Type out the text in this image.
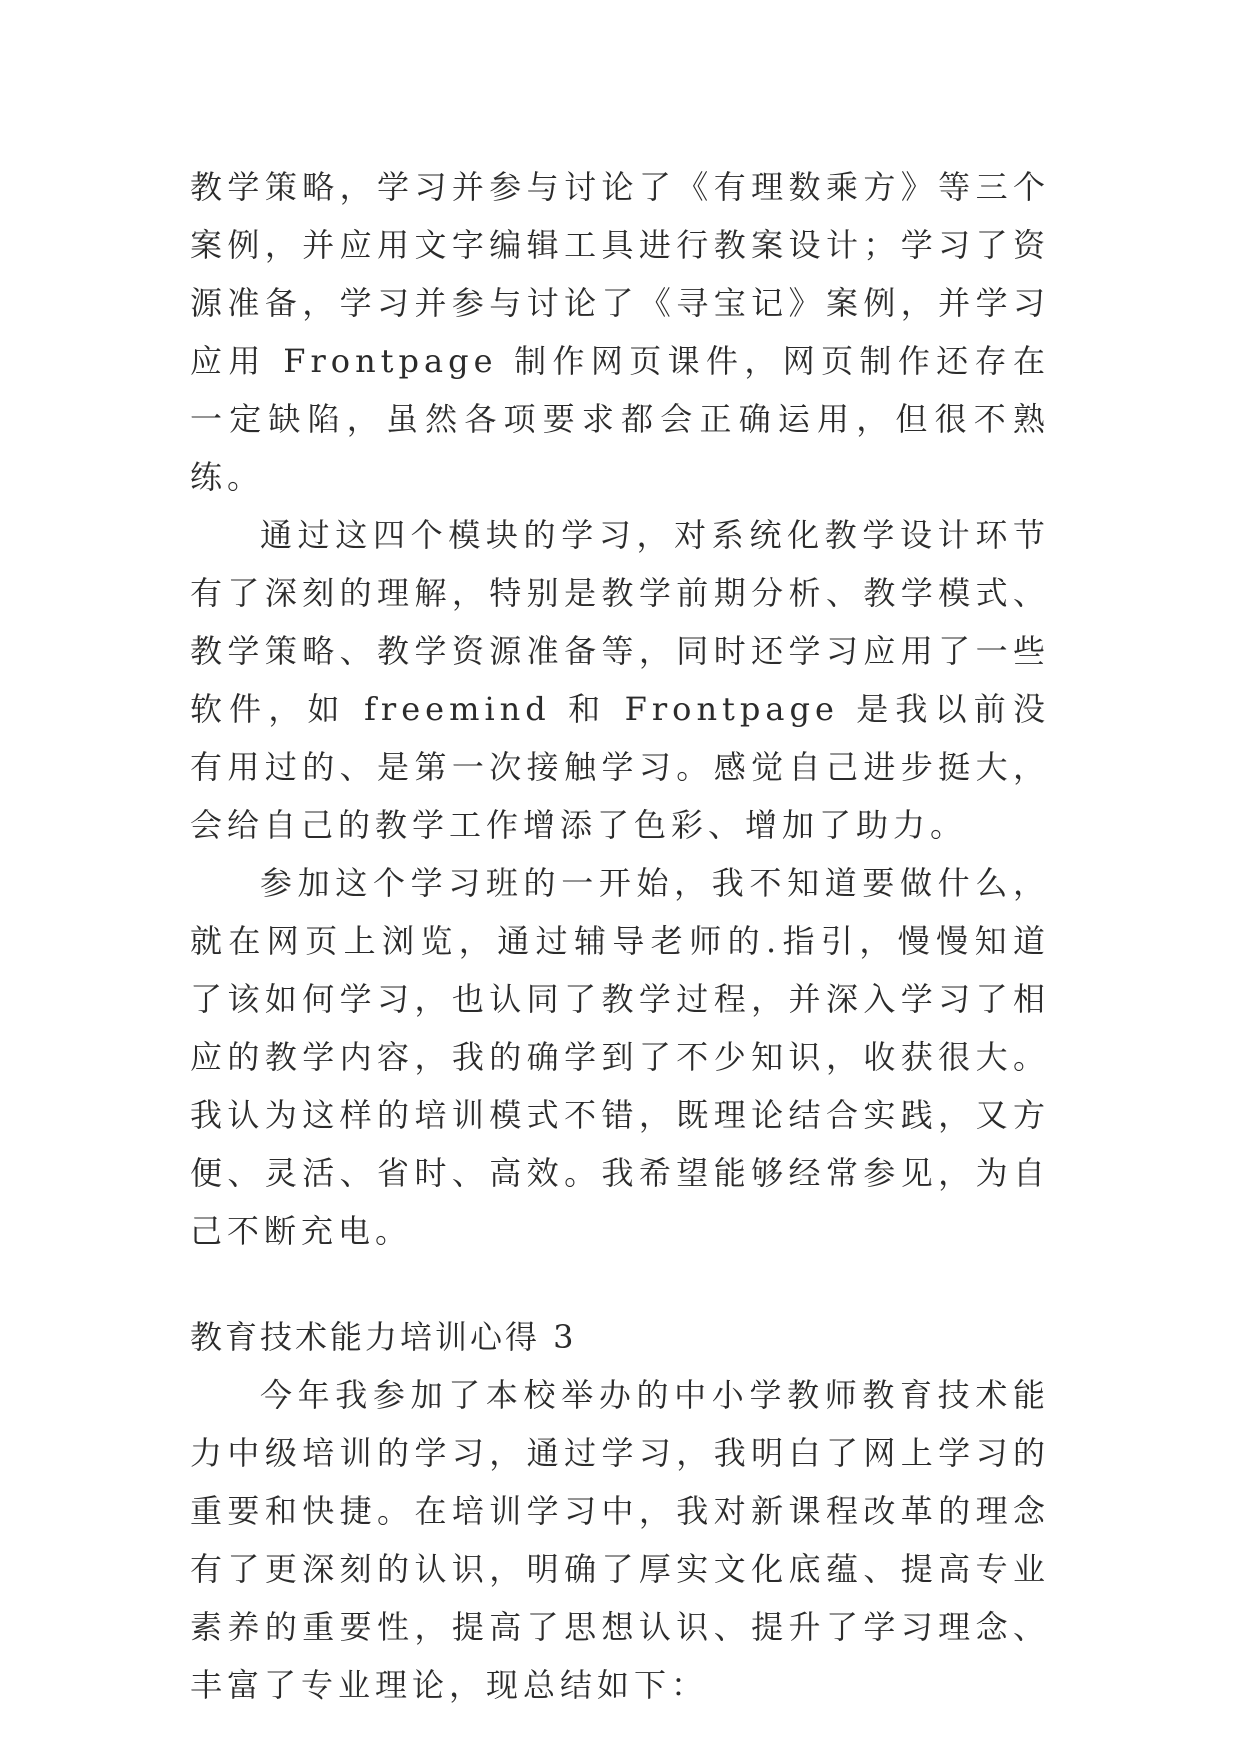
教学策略，学习并参与讨论了《有理数乘方》等三个案例，并应用文字编辑工具进行教案设计；学习了资源准备，学习并参与讨论了《寻宝记》案例，并学习应用 Frontpage 制作网页课件，网页制作还存在一定缺陷，虽然各项要求都会正确运用，但很不熟练。

通过这四个模块的学习，对系统化教学设计环节有了深刻的理解，特别是教学前期分析、教学模式、教学策略、教学资源准备等，同时还学习应用了一些软件，如 freemind 和 Frontpage 是我以前没有用过的、是第一次接触学习。感觉自己进步挺大，会给自己的教学工作增添了色彩、增加了助力。

参加这个学习班的一开始，我不知道要做什么，就在网页上浏览，通过辅导老师的.指引，慢慢知道了该如何学习，也认同了教学过程，并深入学习了相应的教学内容，我的确学到了不少知识，收获很大。我认为这样的培训模式不错，既理论结合实践，又方便、灵活、省时、高效。我希望能够经常参见，为自己不断充电。

教育技术能力培训心得 3

今年我参加了本校举办的中小学教师教育技术能力中级培训的学习，通过学习，我明白了网上学习的重要和快捷。在培训学习中，我对新课程改革的理念有了更深刻的认识，明确了厚实文化底蕴、提高专业素养的重要性，提高了思想认识、提升了学习理念、丰富了专业理论，现总结如下：
